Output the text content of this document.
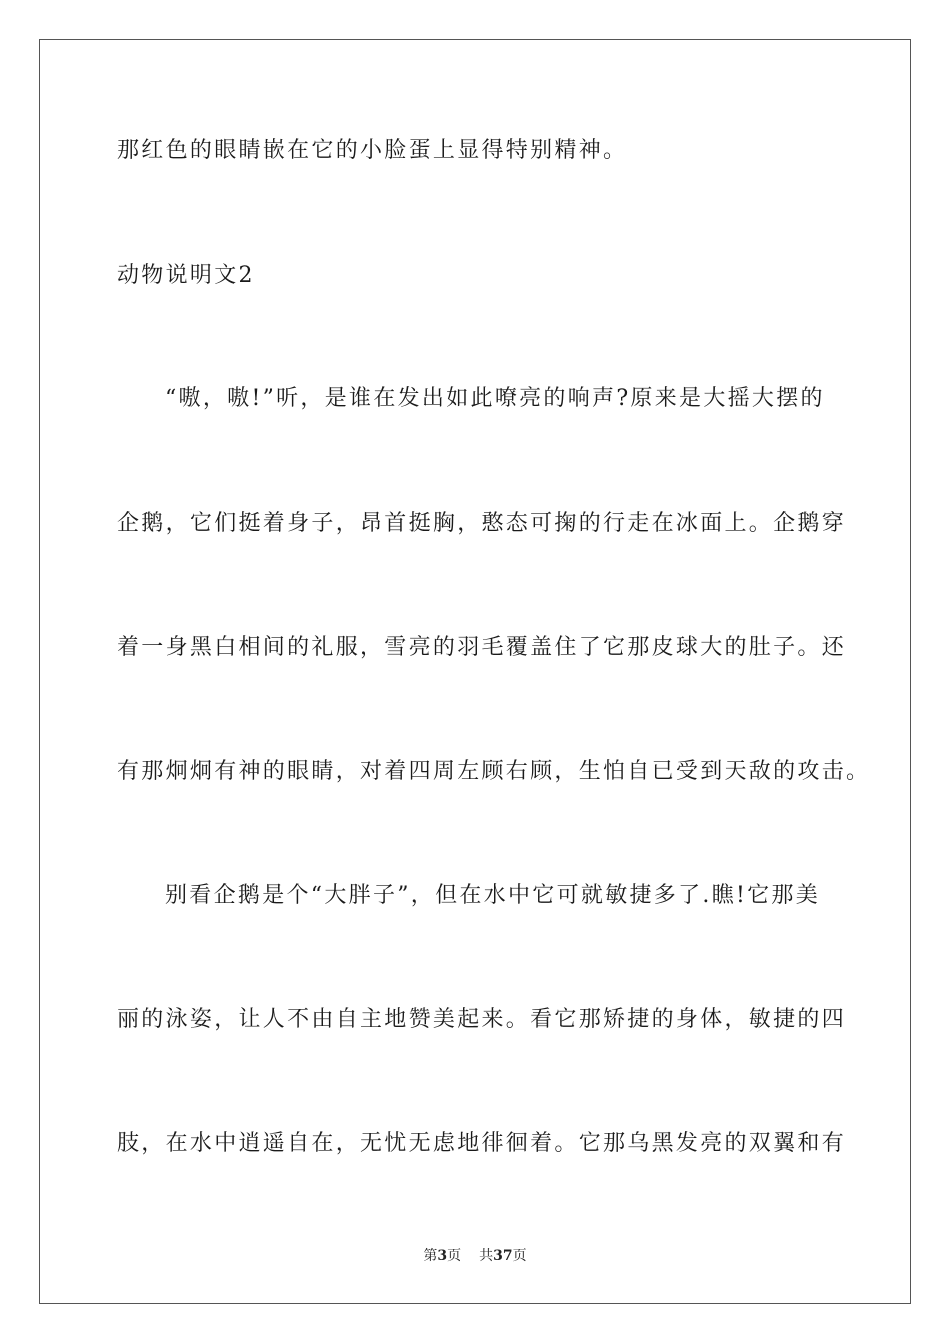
那红色的眼睛嵌在它的小脸蛋上显得特别精神。
动物说明文2
“嗷，嗷!”听，是谁在发出如此嘹亮的响声?原来是大摇大摆的
企鹅，它们挺着身子，昂首挺胸，憨态可掬的行走在冰面上。企鹅穿
着一身黑白相间的礼服，雪亮的羽毛覆盖住了它那皮球大的肚子。还
有那炯炯有神的眼睛，对着四周左顾右顾，生怕自已受到天敌的攻击。
别看企鹅是个“大胖子”，但在水中它可就敏捷多了.瞧!它那美
丽的泳姿，让人不由自主地赞美起来。看它那矫捷的身体，敏捷的四
肢，在水中逍遥自在，无忧无虑地徘徊着。它那乌黑发亮的双翼和有
第3页 共37页
